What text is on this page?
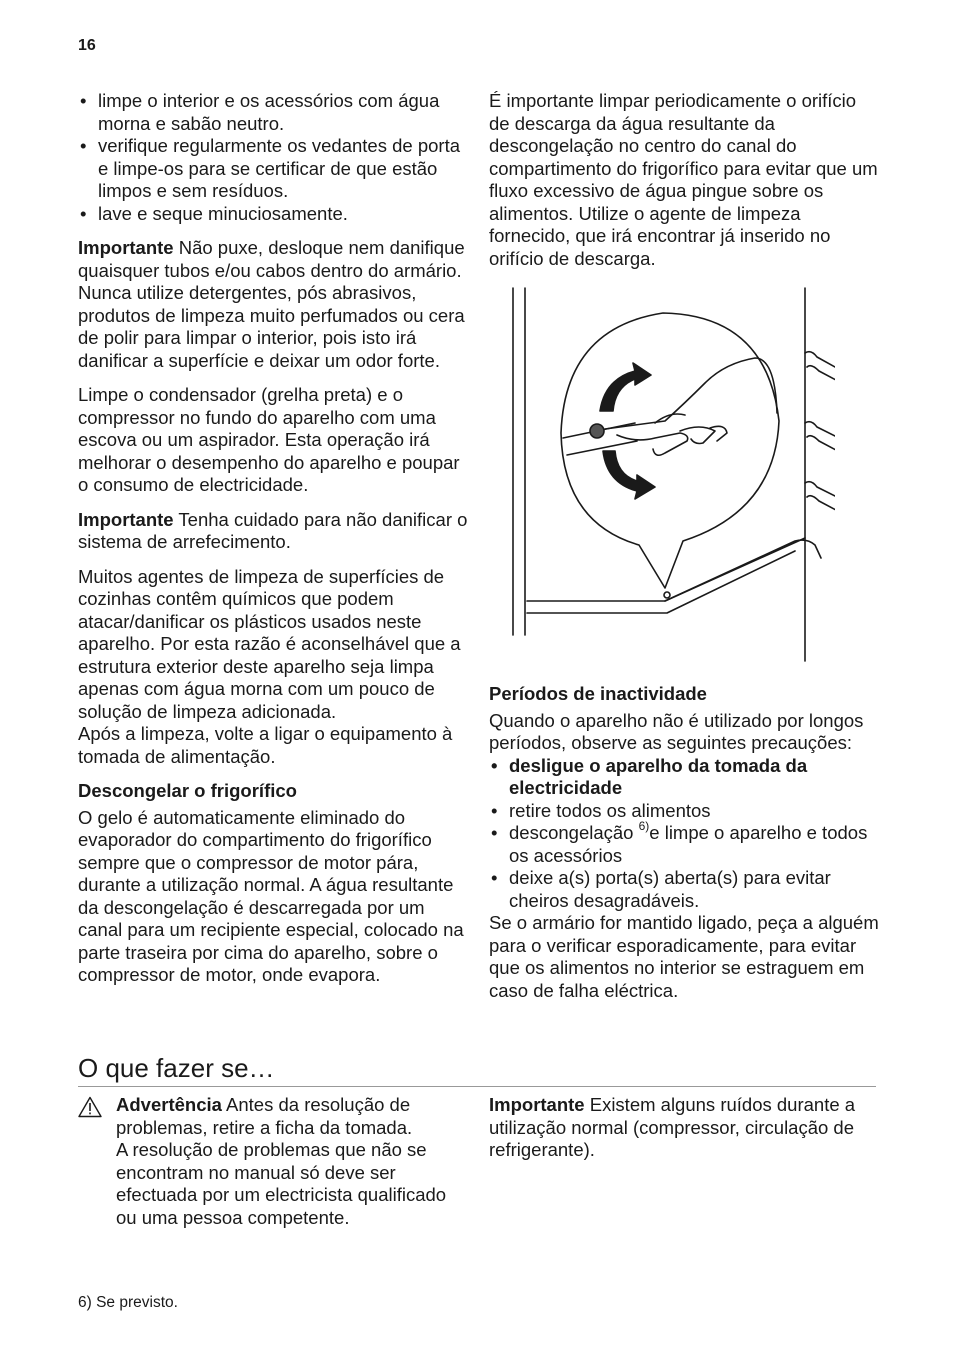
16
• limpe o interior e os acessórios com água morna e sabão neutro.
• verifique regularmente os vedantes de porta e limpe-os para se certificar de que estão limpos e sem resíduos.
• lave e seque minuciosamente.

Importante Não puxe, desloque nem danifique quaisquer tubos e/ou cabos dentro do armário.

Nunca utilize detergentes, pós abrasivos, produtos de limpeza muito perfumados ou cera de polir para limpar o interior, pois isto irá danificar a superfície e deixar um odor forte.

Limpe o condensador (grelha preta) e o compressor no fundo do aparelho com uma escova ou um aspirador. Esta operação irá melhorar o desempenho do aparelho e poupar o consumo de electricidade.

Importante Tenha cuidado para não danificar o sistema de arrefecimento.

Muitos agentes de limpeza de superfícies de cozinhas contêm químicos que podem atacar/danificar os plásticos usados neste aparelho. Por esta razão é aconselhável que a estrutura exterior deste aparelho seja limpa apenas com água morna com um pouco de solução de limpeza adicionada.

Após a limpeza, volte a ligar o equipamento à tomada de alimentação.

Descongelar o frigorífico

O gelo é automaticamente eliminado do evaporador do compartimento do frigorífico sempre que o compressor de motor pára, durante a utilização normal. A água resultante da descongelação é descarregada por um canal para um recipiente especial, colocado na parte traseira por cima do aparelho, sobre o compressor de motor, onde evapora.

É importante limpar periodicamente o orifício de descarga da água resultante da descongelação no centro do canal do compartimento do frigorífico para evitar que um fluxo excessivo de água pingue sobre os alimentos. Utilize o agente de limpeza fornecido, que irá encontrar já inserido no orifício de descarga.

Períodos de inactividade

Quando o aparelho não é utilizado por longos períodos, observe as seguintes precauções:

• desligue o aparelho da tomada da electricidade
• retire todos os alimentos
• descongelação $^{6)}$e limpe o aparelho e todos os acessórios
• deixe a(s) porta(s) aberta(s) para evitar cheiros desagradáveis.

Se o armário for mantido ligado, peça a alguém para o verificar esporadicamente, para evitar que os alimentos no interior se estraguem em caso de falha eléctrica.

O que fazer se…
Advertência Antes da resolução de problemas, retire a ficha da tomada.
A resolução de problemas que não se encontram no manual só deve ser efectuada por um electricista qualificado ou uma pessoa competente.
Importante Existem alguns ruídos durante a utilização normal (compressor, circulação de refrigerante).
6) Se previsto.
